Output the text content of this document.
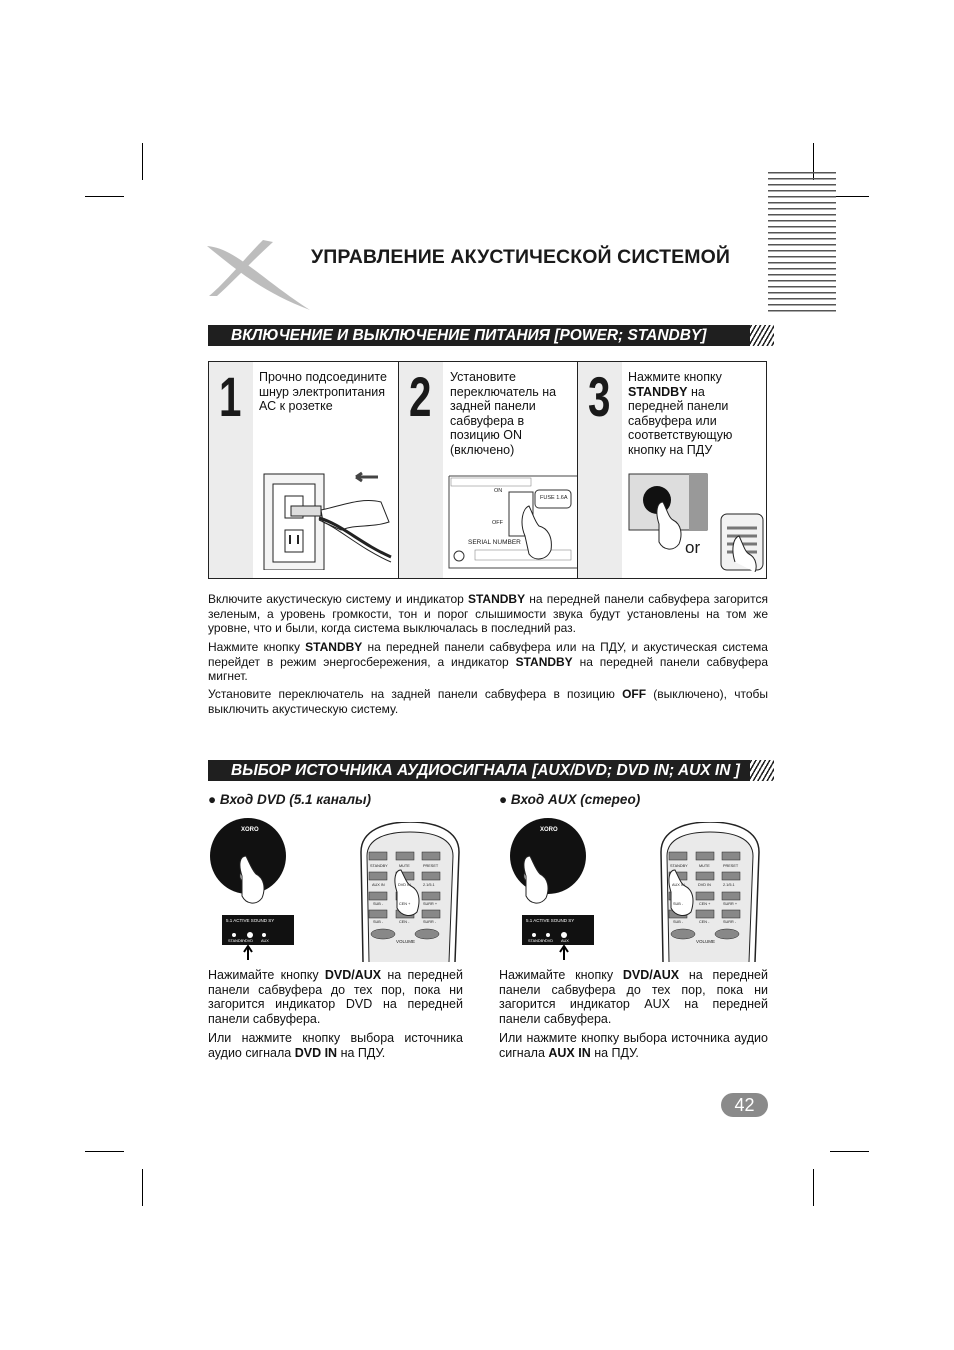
УПРАВЛЕНИЕ АКУСТИЧЕСКОЙ СИСТЕМОЙ
ВКЛЮЧЕНИЕ И ВЫКЛЮЧЕНИЕ ПИТАНИЯ [POWER; STANDBY]
1 Прочно подсоедините шнур электропитания АС к розетке	2 Установите переключатель на задней панели сабвуфера в позицию ON (включено)
ON
OFF
FUSE 1.6A
SERIAL NUMBER
3 Нажмите кнопку STANDBY на передней панели сабвуфера или соответствующую кнопку на ПДУ
or
Включите акустическую систему и индикатор STANDBY на передней панели сабвуфера загорится зеленым, а уровень громкости, тон и порог слышимости звука будут установлены на том же уровне, что и были, когда система выключалась в последний раз.
Нажмите кнопку STANDBY на передней панели сабвуфера или на ПДУ, и акустическая система перейдет в режим энергосбережения, а индикатор STANDBY на передней панели сабвуфера мигнет.
Установите переключатель на задней панели сабвуфера в позицию OFF (выключено), чтобы выключить акустическую систему.
ВЫБОР ИСТОЧНИКА АУДИОСИГНАЛА [AUX/DVD; DVD IN; AUX IN ]
● Вход DVD (5.1 каналы)	● Вход AUX (стерео)
XORO
5.1 ACTIVE SOUND SY
STANDBY DVD AUX
XORO
5.1 ACTIVE SOUND SY
STANDBY DVD AUX
STANDBY	MUTE	PRESET
AUX IN	DVD IN	2.1/5.1
SUB -	CEN +	SURR +
SUB -	CEN -	SURR -
VOLUME
STANDBY	MUTE	PRESET
AUX IN	DVD IN	2.1/5.1
SUB -	CEN +	SURR +
SUB -	CEN -	SURR -
VOLUME
Нажимайте кнопку DVD/AUX на передней панели сабвуфера до тех пор, пока ни загорится индикатор DVD на передней панели сабвуфера.
Или нажмите кнопку выбора источника аудио сигнала DVD IN на ПДУ.
Нажимайте кнопку DVD/AUX на передней панели сабвуфера до тех пор, пока ни загорится индикатор AUX на передней панели сабвуфера.
Или нажмите кнопку выбора источника аудио сигнала AUX IN на ПДУ.
42
